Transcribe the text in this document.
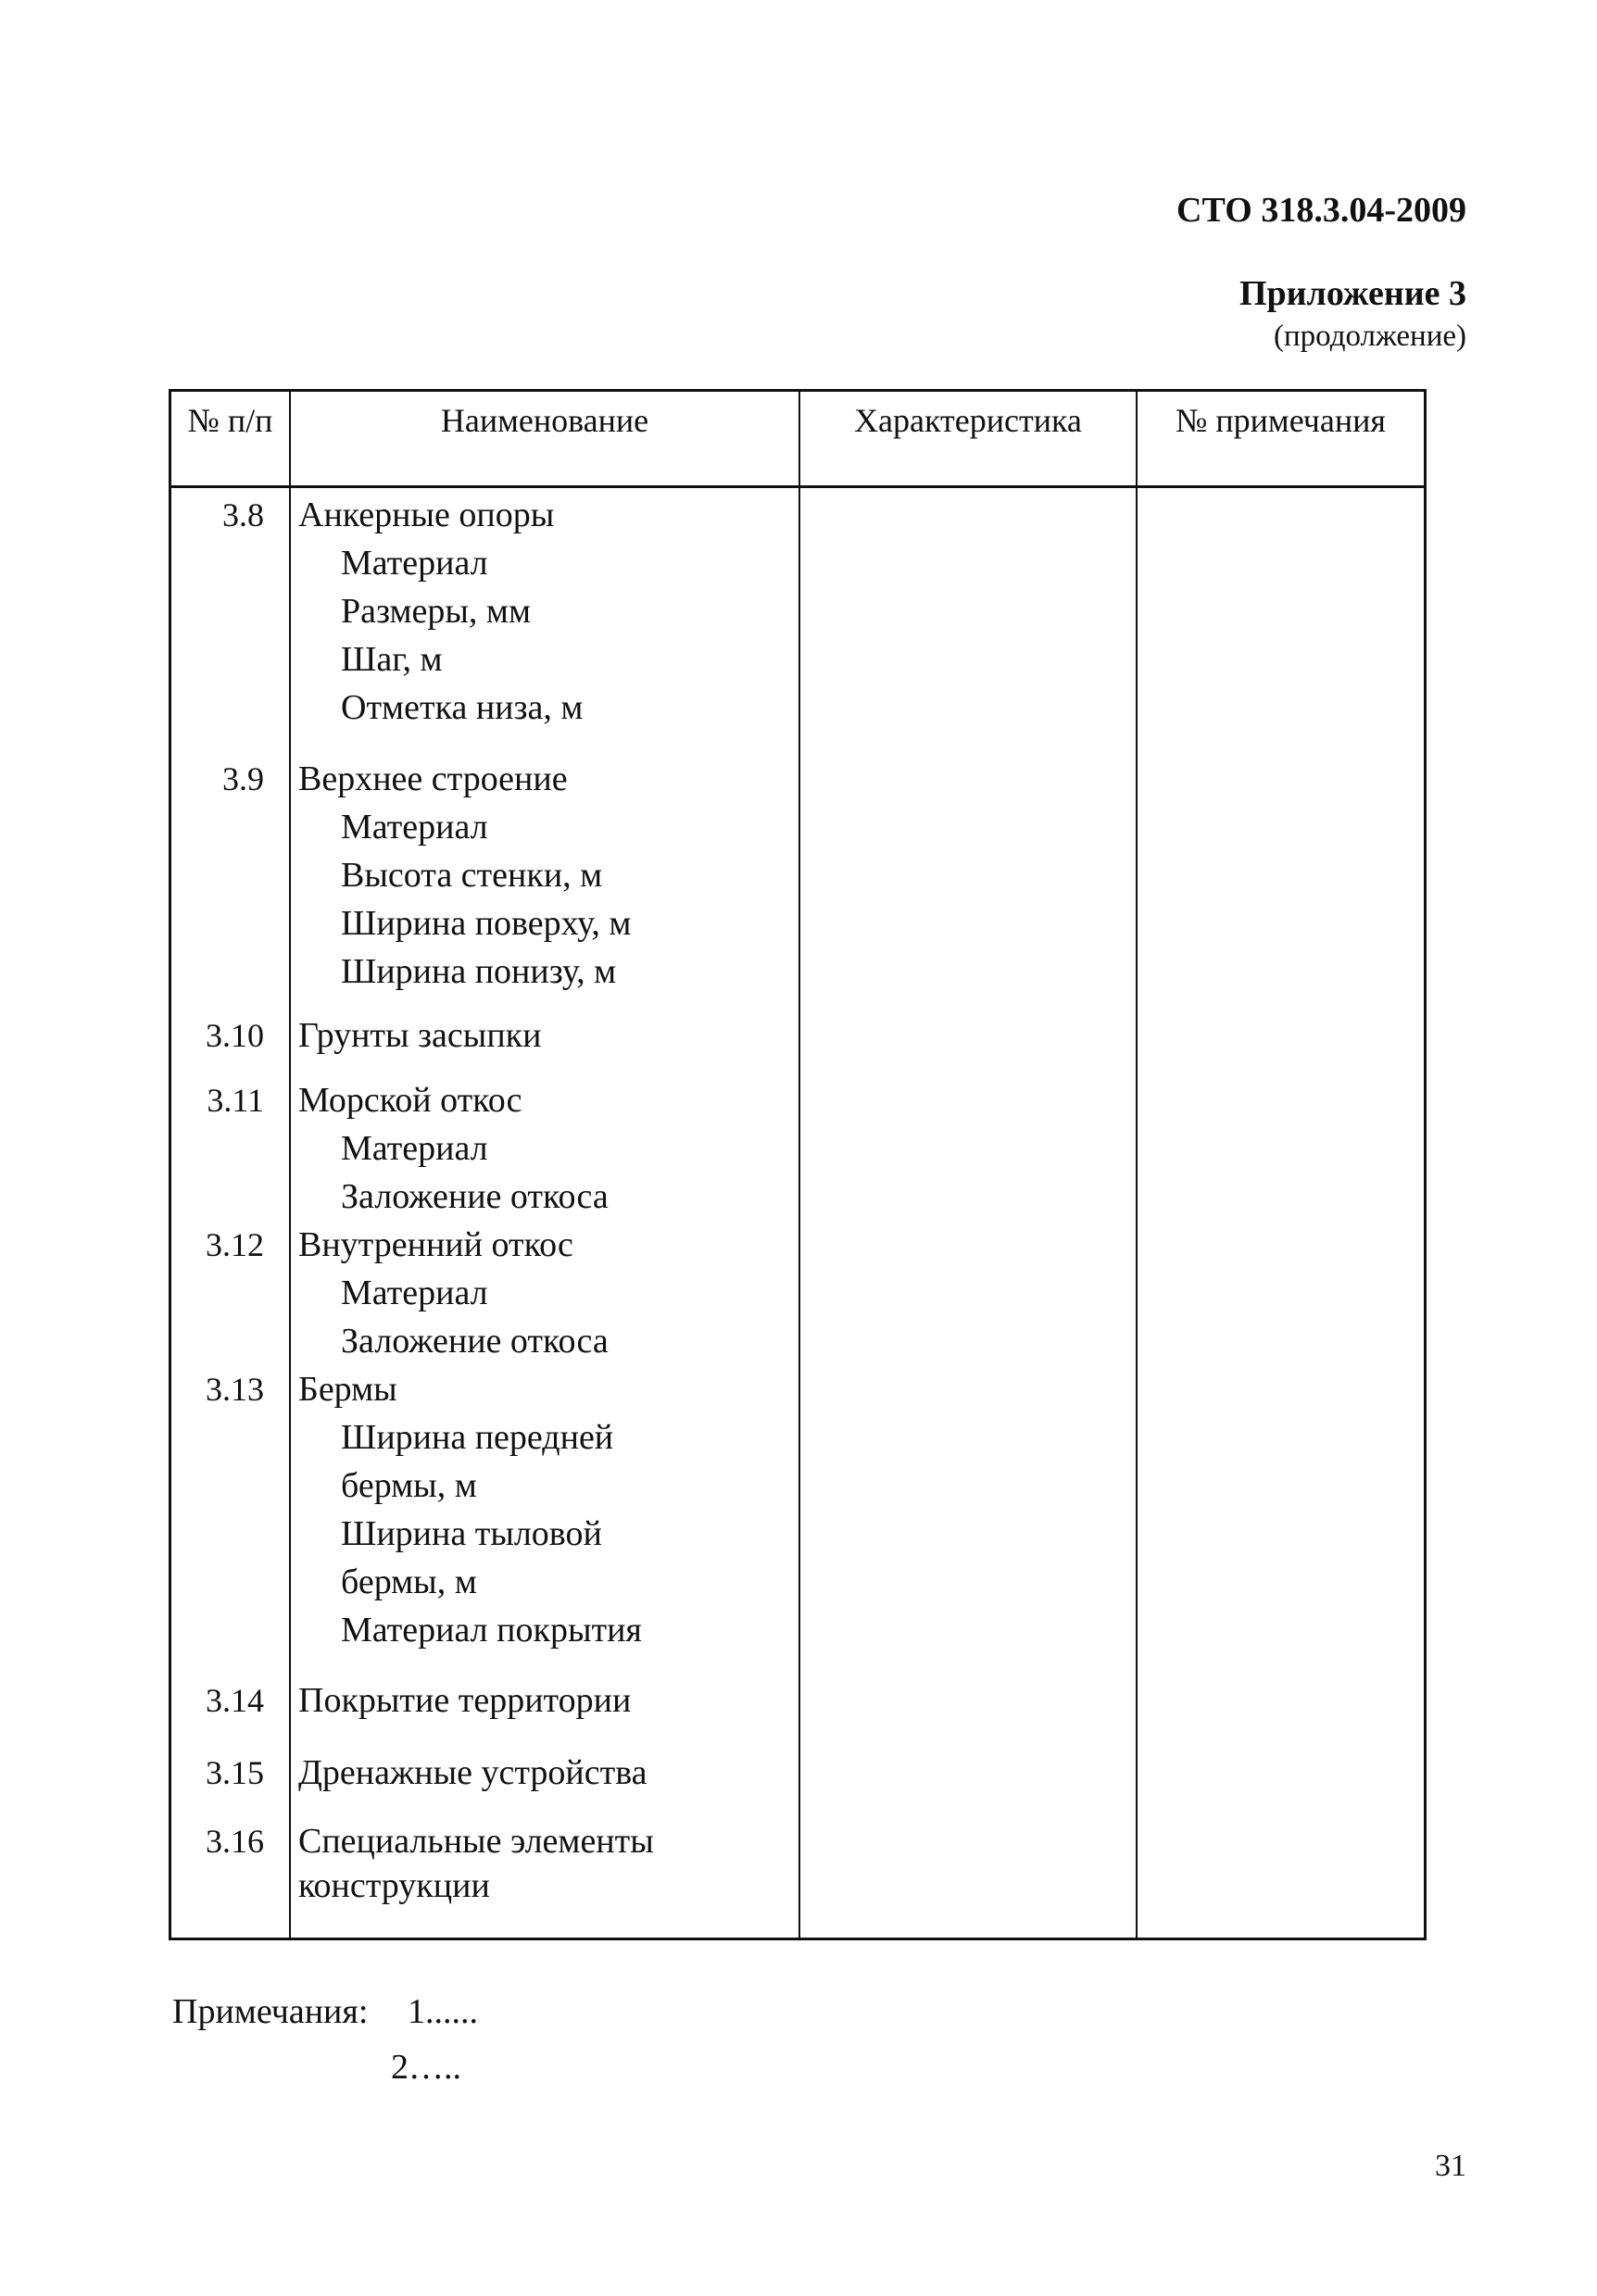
СТО 318.3.04-2009
Приложение 3
(продолжение)
№ п/п	Наименование	Характеристика	№ примечания
3.8 Анкерные опоры
Материал
Размеры, мм
Шаг, м
Отметка низа, м
3.9 Верхнее строение
Материал
Высота стенки, м
Ширина поверху, м
Ширина понизу, м
3.10 Грунты засыпки
3.11 Морской откос
Материал
Заложение откоса
3.12 Внутренний откос
Материал
Заложение откоса
3.13 Бермы
Ширина передней
бермы, м
Ширина тыловой
бермы, м
Материал покрытия
3.14 Покрытие территории
3.15 Дренажные устройства
3.16 Специальные элементы
конструкции
Примечания: 1......
2…..
31
